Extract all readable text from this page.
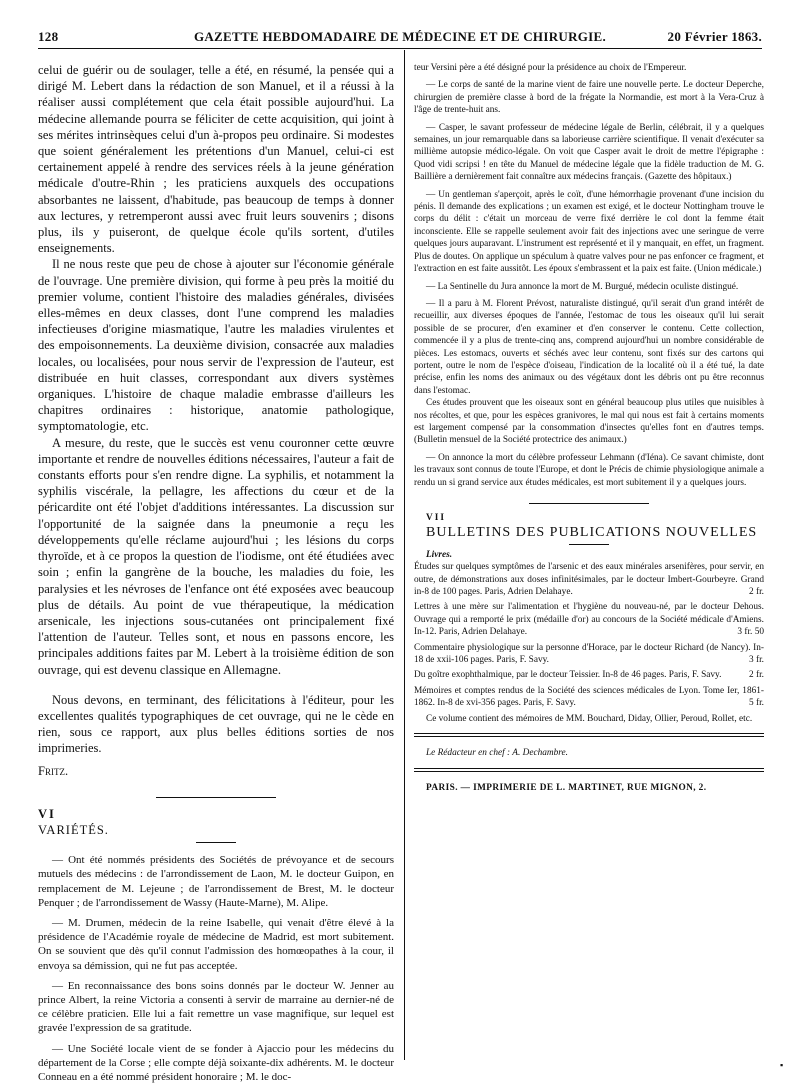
128	GAZETTE HEBDOMADAIRE DE MÉDECINE ET DE CHIRURGIE.	20 Février 1863.

celui de guérir ou de soulager, telle a été, en résumé, la pensée qui a dirigé M. Lebert dans la rédaction de son Manuel, et il a réussi à la réaliser aussi complétement que cela était possible aujourd'hui. La médecine allemande pourra se féliciter de cette acquisition, qui joint à ses mérites intrinsèques celui d'un à-propos peu ordinaire. Si modestes que soient généralement les prétentions d'un Manuel, celui-ci est certainement appelé à rendre des services réels à la jeune génération médicale d'outre-Rhin ; les praticiens auxquels des occupations absorbantes ne laissent, d'habitude, pas beaucoup de temps à donner aux lectures, y retremperont aussi avec fruit leurs souvenirs ; disons plus, ils y puiseront, de quelque école qu'ils sortent, d'utiles enseignements.

Il ne nous reste que peu de chose à ajouter sur l'économie générale de l'ouvrage. Une première division, qui forme à peu près la moitié du premier volume, contient l'histoire des maladies générales, divisées elles-mêmes en deux classes, dont l'une comprend les maladies infectieuses d'origine miasmatique, l'autre les maladies virulentes et des empoisonnements. La deuxième division, consacrée aux maladies locales, ou localisées, pour nous servir de l'expression de l'auteur, est distribuée en huit classes, correspondant aux divers systèmes organiques. L'histoire de chaque maladie embrasse d'ailleurs les chapitres ordinaires : historique, anatomie pathologique, symptomatologie, etc.

A mesure, du reste, que le succès est venu couronner cette œuvre importante et rendre de nouvelles éditions nécessaires, l'auteur a fait de constants efforts pour s'en rendre digne. La syphilis, et notamment la syphilis viscérale, la pellagre, les affections du cœur et de la péricardite ont été l'objet d'additions intéressantes. La discussion sur l'opportunité de la saignée dans la pneumonie a reçu les développements qu'elle réclame aujourd'hui ; les lésions du corps thyroïde, et à ce propos la question de l'iodisme, ont été étudiées avec soin ; enfin la gangrène de la bouche, les maladies du foie, les paralysies et les névroses de l'enfance ont été exposées avec beaucoup plus de détails. Au point de vue thérapeutique, la médication arsenicale, les injections sous-cutanées ont principalement fixé l'attention de l'auteur. Telles sont, et nous en passons encore, les principales additions faites par M. Lebert à la troisième édition de son ouvrage, qui est devenu classique en Allemagne.

Nous devons, en terminant, des félicitations à l'éditeur, pour les excellentes qualités typographiques de cet ouvrage, qui ne le cède en rien, sous ce rapport, aux plus belles éditions sorties de nos imprimeries.

Fritz.

VI

VARIÉTÉS.

— Ont été nommés présidents des Sociétés de prévoyance et de secours mutuels des médecins : de l'arrondissement de Laon, M. le docteur Guipon, en remplacement de M. Lejeune ; de l'arrondissement de Brest, M. le docteur Penquer ; de l'arrondissement de Wassy (Haute-Marne), M. Alipe.

— M. Drumen, médecin de la reine Isabelle, qui venait d'être élevé à la présidence de l'Académie royale de médecine de Madrid, est mort subitement. On se souvient que dès qu'il connut l'admission des homœopathes à la cour, il envoya sa démission, qui ne fut pas acceptée.

— En reconnaissance des bons soins donnés par le docteur W. Jenner au prince Albert, la reine Victoria a consenti à servir de marraine au dernier-né de ce célèbre praticien. Elle lui a fait remettre un vase magnifique, sur lequel est gravée l'expression de sa gratitude.

— Une Société locale vient de se fonder à Ajaccio pour les médecins du département de la Corse ; elle compte déjà soixante-dix adhérents. M. le docteur Conneau en a été nommé président honoraire ; M. le doc-

teur Versini père a été désigné pour la présidence au choix de l'Empereur.

— Le corps de santé de la marine vient de faire une nouvelle perte. Le docteur Deperche, chirurgien de première classe à bord de la frégate la Normandie, est mort à la Vera-Cruz à l'âge de trente-huit ans.

— Casper, le savant professeur de médecine légale de Berlin, célébrait, il y a quelques semaines, un jour remarquable dans sa laborieuse carrière scientifique. Il venait d'exécuter sa millième autopsie médico-légale. On voit que Casper avait le droit de mettre l'épigraphe : Quod vidi scripsi ! en tête du Manuel de médecine légale que la fidèle traduction de M. G. Baillière a dernièrement fait connaître aux médecins français. (Gazette des hôpitaux.)

— Un gentleman s'aperçoit, après le coït, d'une hémorrhagie provenant d'une incision du pénis. Il demande des explications ; un examen est exigé, et le docteur Nottingham trouve le corps du délit : c'était un morceau de verre fixé derrière le col dont la femme était inconsciente. Elle se rappelle seulement avoir fait des injections avec une seringue de verre quelques jours auparavant. L'instrument est représenté et il y manquait, en effet, un fragment. Plus de doutes. On applique un spéculum à quatre valves pour ne pas enfoncer ce fragment, et l'extraction en est faite aussitôt. Les époux s'embrassent et la paix est faite. (Union médicale.)

— La Sentinelle du Jura annonce la mort de M. Burgué, médecin oculiste distingué.

— Il a paru à M. Florent Prévost, naturaliste distingué, qu'il serait d'un grand intérêt de recueillir, aux diverses époques de l'année, l'estomac de tous les oiseaux qu'il lui serait possible de se procurer, d'en examiner et d'en conserver le contenu. Cette collection, commencée il y a plus de trente-cinq ans, comprend aujourd'hui un nombre considérable de pièces. Les estomacs, ouverts et séchés avec leur contenu, sont fixés sur des cartons qui portent, outre le nom de l'espèce d'oiseau, l'indication de la localité où il a été tué, la date précise, enfin les noms des animaux ou des végétaux dont les débris ont pu être reconnus dans l'estomac.

Ces études prouvent que les oiseaux sont en général beaucoup plus utiles que nuisibles à nos récoltes, et que, pour les espèces granivores, le mal qui nous est fait à certains moments est largement compensé par la consommation d'insectes qu'elles font en d'autres temps. (Bulletin mensuel de la Société protectrice des animaux.)

— On annonce la mort du célèbre professeur Lehmann (d'Iéna). Ce savant chimiste, dont les travaux sont connus de toute l'Europe, et dont le Précis de chimie physiologique animale a rendu un si grand service aux études médicales, est mort subitement il y a quelques jours.

VII

BULLETINS DES PUBLICATIONS NOUVELLES

Livres.

Études sur quelques symptômes de l'arsenic et des eaux minérales arsenifères, pour servir, en outre, de démonstrations aux doses infinitésimales, par le docteur Imbert-Gourbeyre. Grand in-8 de 100 pages. Paris, Adrien Delahaye.	2 fr.

Lettres à une mère sur l'alimentation et l'hygiène du nouveau-né, par le docteur Dehous. Ouvrage qui a remporté le prix (médaille d'or) au concours de la Société médicale d'Amiens. In-12. Paris, Adrien Delahaye.	3 fr. 50

Commentaire physiologique sur la personne d'Horace, par le docteur Richard (de Nancy). In-18 de xxii-106 pages. Paris, F. Savy.	3 fr.

Du goître exophthalmique, par le docteur Teissier. In-8 de 46 pages. Paris, F. Savy.	2 fr.

Mémoires et comptes rendus de la Société des sciences médicales de Lyon. Tome Ier, 1861-1862. In-8 de xvi-356 pages. Paris, F. Savy.	5 fr.

Ce volume contient des mémoires de MM. Bouchard, Diday, Ollier, Peroud, Rollet, etc.

Le Rédacteur en chef : A. Dechambre.

PARIS. — IMPRIMERIE DE L. MARTINET, RUE MIGNON, 2.

▪
